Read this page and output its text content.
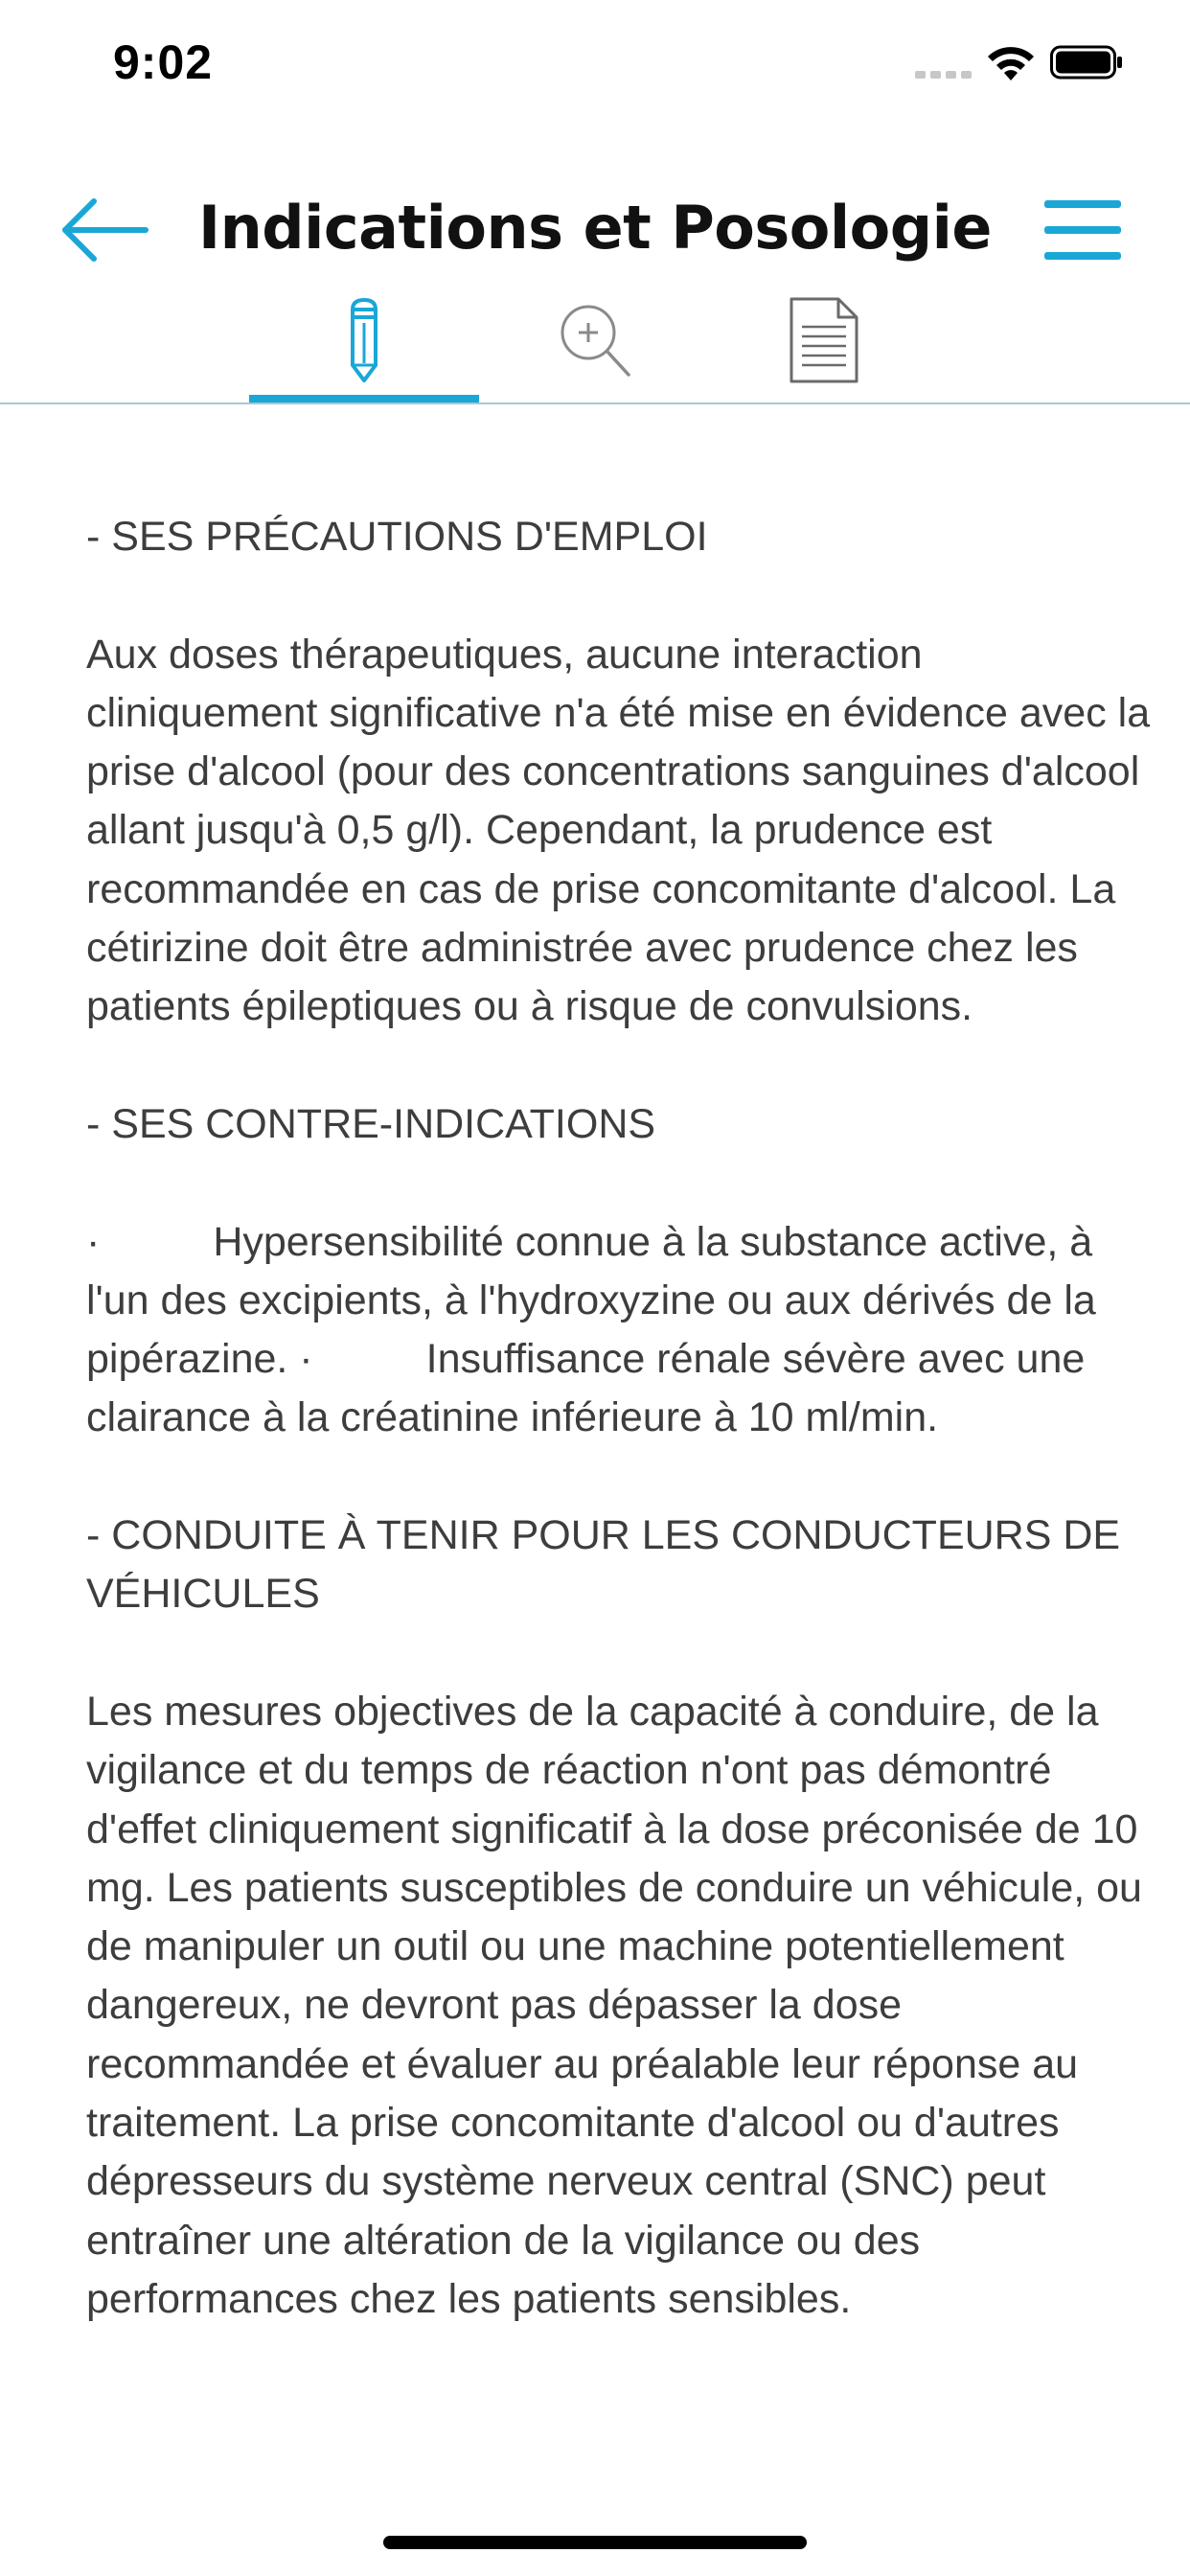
9:02
Indications et Posologie

- SES PRÉCAUTIONS D'EMPLOI

Aux doses thérapeutiques, aucune interaction cliniquement significative n'a été mise en évidence avec la prise d'alcool (pour des concentrations sanguines d'alcool allant jusqu'à 0,5 g/l). Cependant, la prudence est recommandée en cas de prise concomitante d'alcool. La cétirizine doit être administrée avec prudence chez les patients épileptiques ou à risque de convulsions.

- SES CONTRE-INDICATIONS

·	Hypersensibilité connue à la substance active, à l'un des excipients, à l'hydroxyzine ou aux dérivés de la pipérazine. ·	Insuffisance rénale sévère avec une clairance à la créatinine inférieure à 10 ml/min.

- CONDUITE À TENIR POUR LES CONDUCTEURS DE VÉHICULES

Les mesures objectives de la capacité à conduire, de la vigilance et du temps de réaction n'ont pas démontré d'effet cliniquement significatif à la dose préconisée de 10 mg. Les patients susceptibles de conduire un véhicule, ou de manipuler un outil ou une machine potentiellement dangereux, ne devront pas dépasser la dose recommandée et évaluer au préalable leur réponse au traitement. La prise concomitante d'alcool ou d'autres dépresseurs du système nerveux central (SNC) peut entraîner une altération de la vigilance ou des performances chez les patients sensibles.
